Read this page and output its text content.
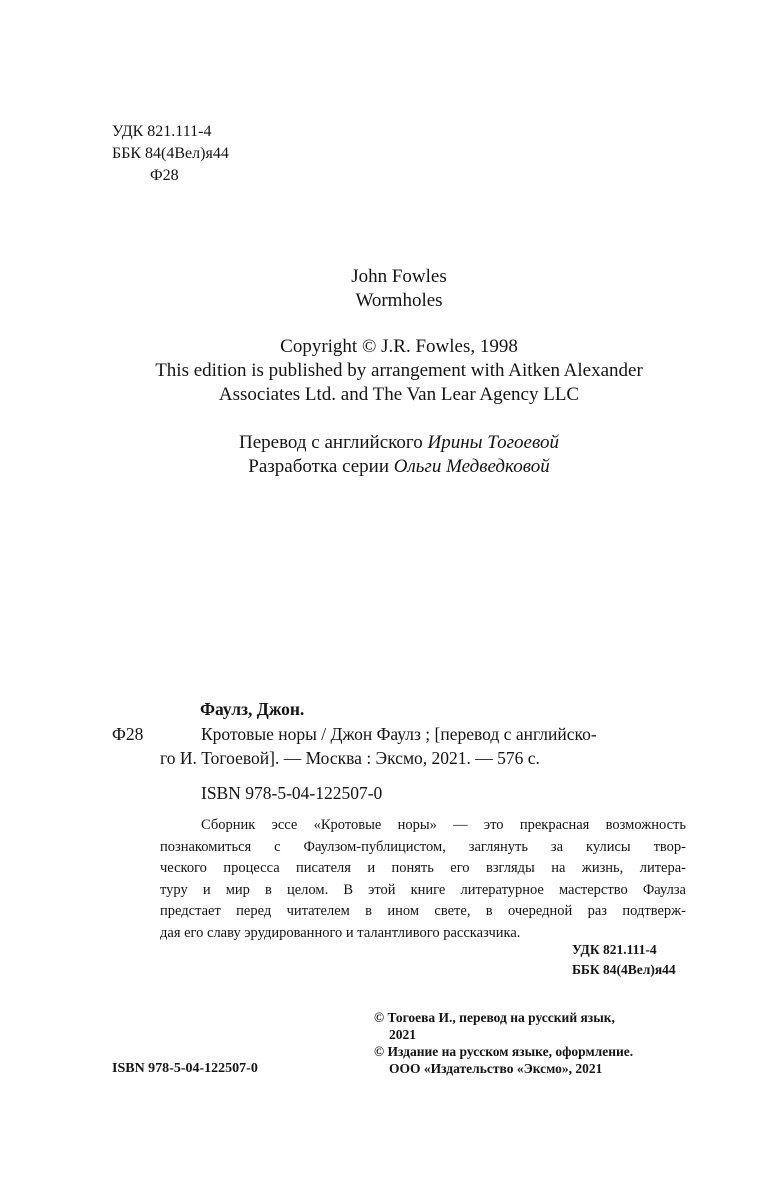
УДК 821.111-4
ББК 84(4Вел)я44
Ф28
John Fowles
Wormholes
Copyright © J.R. Fowles, 1998
This edition is published by arrangement with Aitken Alexander
Associates Ltd. and The Van Lear Agency LLC
Перевод с английского Ирины Тогоевой
Разработка серии Ольги Медведковой
Фаулз, Джон.
Ф28	Кротовые норы / Джон Фаулз ; [перевод с английско-
го И. Тогоевой]. — Москва : Эксмо, 2021. — 576 с.
ISBN 978-5-04-122507-0
Сборник эссе «Кротовые норы» — это прекрасная возможность
познакомиться с Фаулзом-публицистом, заглянуть за кулисы твор-
ческого процесса писателя и понять его взгляды на жизнь, литера-
туру и мир в целом. В этой книге литературное мастерство Фаулза
предстает перед читателем в ином свете, в очередной раз подтверж-
дая его славу эрудированного и талантливого рассказчика.
УДК 821.111-4
ББК 84(4Вел)я44
© Тогоева И., перевод на русский язык,
2021
© Издание на русском языке, оформление.
ООО «Издательство «Эксмо», 2021
ISBN 978-5-04-122507-0
